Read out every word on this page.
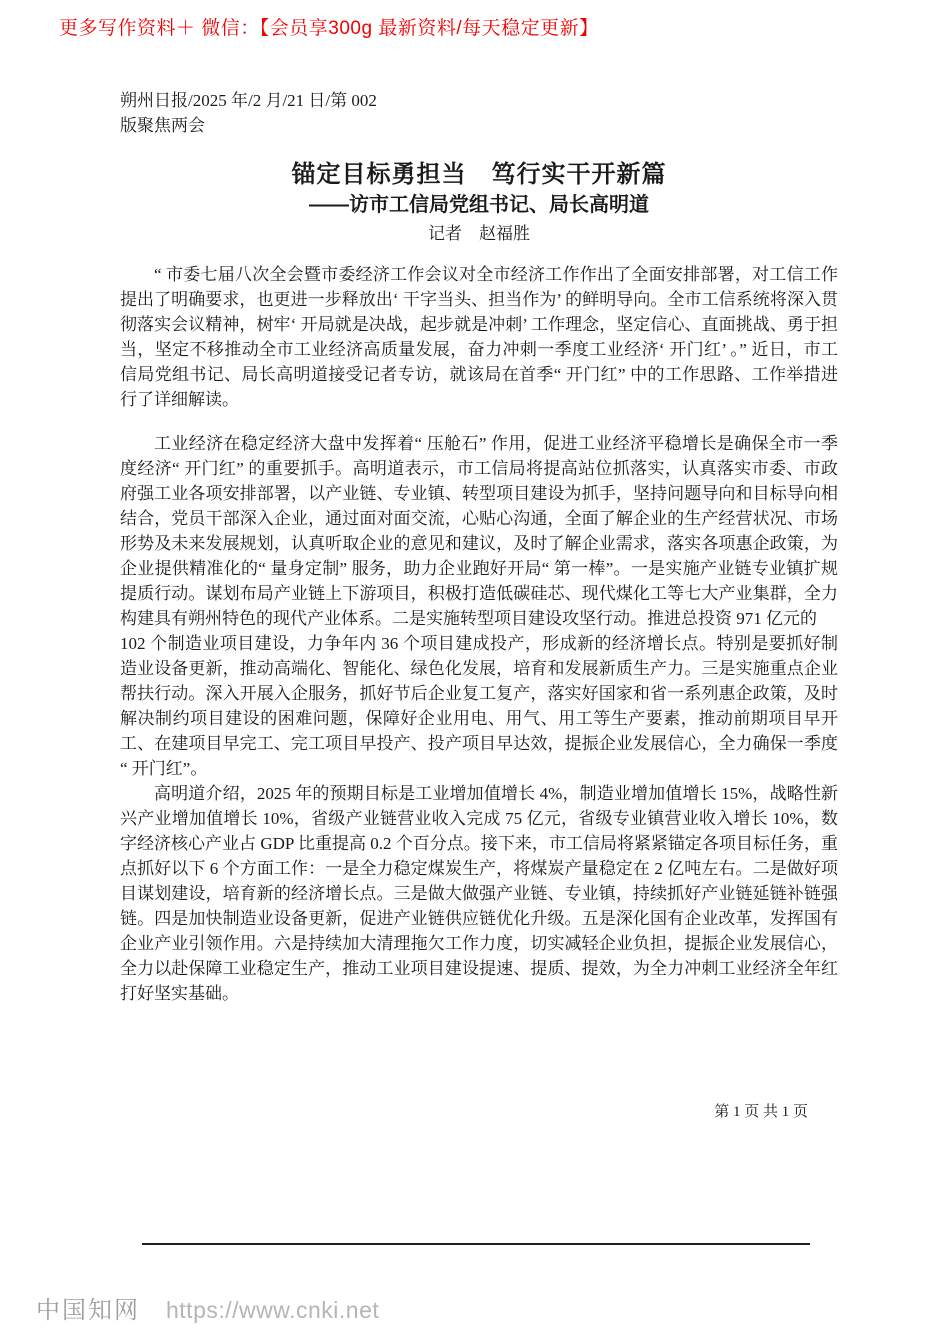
更多写作资料＋ 微信：【会员享300g 最新资料/每天稳定更新】
朔州日报/2025 年/2 月/21 日/第 002
版聚焦两会
锚定目标勇担当　笃行实干开新篇
——访市工信局党组书记、局长高明道
记者　赵福胜

“ 市委七届八次全会暨市委经济工作会议对全市经济工作作出了全面安排部署，对工信工作提出了明确要求，也更进一步释放出‘ 干字当头、担当作为’ 的鲜明导向。全市工信系统将深入贯彻落实会议精神，树牢‘ 开局就是决战，起步就是冲刺’ 工作理念，坚定信心、直面挑战、勇于担当，坚定不移推动全市工业经济高质量发展，奋力冲刺一季度工业经济‘ 开门红’ 。” 近日，市工信局党组书记、局长高明道接受记者专访，就该局在首季“ 开门红” 中的工作思路、工作举措进行了详细解读。

工业经济在稳定经济大盘中发挥着“ 压舱石” 作用，促进工业经济平稳增长是确保全市一季度经济“ 开门红” 的重要抓手。高明道表示，市工信局将提高站位抓落实，认真落实市委、市政府强工业各项安排部署，以产业链、专业镇、转型项目建设为抓手，坚持问题导向和目标导向相结合，党员干部深入企业，通过面对面交流，心贴心沟通，全面了解企业的生产经营状况、市场形势及未来发展规划，认真听取企业的意见和建议，及时了解企业需求，落实各项惠企政策，为企业提供精准化的“ 量身定制” 服务，助力企业跑好开局“ 第一棒”。一是实施产业链专业镇扩规提质行动。谋划布局产业链上下游项目，积极打造低碳硅芯、现代煤化工等七大产业集群，全力构建具有朔州特色的现代产业体系。二是实施转型项目建设攻坚行动。推进总投资 971 亿元的
102 个制造业项目建设，力争年内 36 个项目建成投产，形成新的经济增长点。特别是要抓好制造业设备更新，推动高端化、智能化、绿色化发展，培育和发展新质生产力。三是实施重点企业帮扶行动。深入开展入企服务，抓好节后企业复工复产，落实好国家和省一系列惠企政策，及时解决制约项目建设的困难问题，保障好企业用电、用气、用工等生产要素，推动前期项目早开工、在建项目早完工、完工项目早投产、投产项目早达效，提振企业发展信心，全力确保一季度“ 开门红”。

高明道介绍，2025 年的预期目标是工业增加值增长 4%，制造业增加值增长 15%，战略性新兴产业增加值增长 10%，省级产业链营业收入完成 75 亿元，省级专业镇营业收入增长 10%，数字经济核心产业占 GDP 比重提高 0.2 个百分点。接下来，市工信局将紧紧锚定各项目标任务，重点抓好以下 6 个方面工作：一是全力稳定煤炭生产，将煤炭产量稳定在 2 亿吨左右。二是做好项目谋划建设，培育新的经济增长点。三是做大做强产业链、专业镇，持续抓好产业链延链补链强链。四是加快制造业设备更新，促进产业链供应链优化升级。五是深化国有企业改革，发挥国有企业产业引领作用。六是持续加大清理拖欠工作力度，切实减轻企业负担，提振企业发展信心，全力以赴保障工业稳定生产，推动工业项目建设提速、提质、提效，为全力冲刺工业经济全年红打好坚实基础。

第 1 页 共 1 页
中国知网 https://www.cnki.net
